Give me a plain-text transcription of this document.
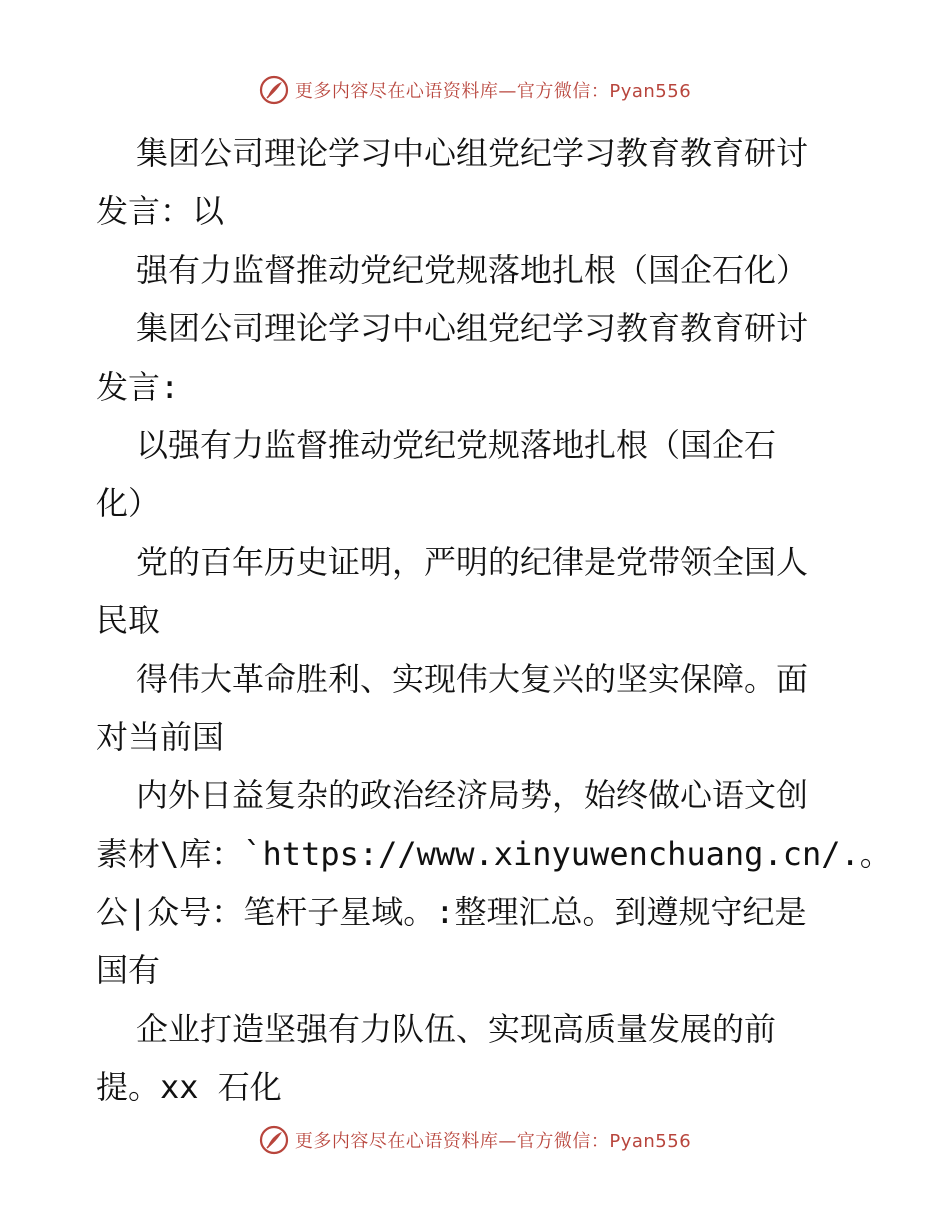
更多内容尽在心语资料库—官方微信：Pyan556
集团公司理论学习中心组党纪学习教育教育研讨
发言：以
强有力监督推动党纪党规落地扎根（国企石化）
集团公司理论学习中心组党纪学习教育教育研讨
发言:
以强有力监督推动党纪党规落地扎根（国企石
化）
党的百年历史证明，严明的纪律是党带领全国人
民取
得伟大革命胜利、实现伟大复兴的坚实保障。面
对当前国
内外日益复杂的政治经济局势，始终做心语文创
素材\库：`https://www.xinyuwenchuang.cn/.。
公|众号：笔杆子星域。:整理汇总。到遵规守纪是
国有
企业打造坚强有力队伍、实现高质量发展的前
提。xx 石化
更多内容尽在心语资料库—官方微信：Pyan556
